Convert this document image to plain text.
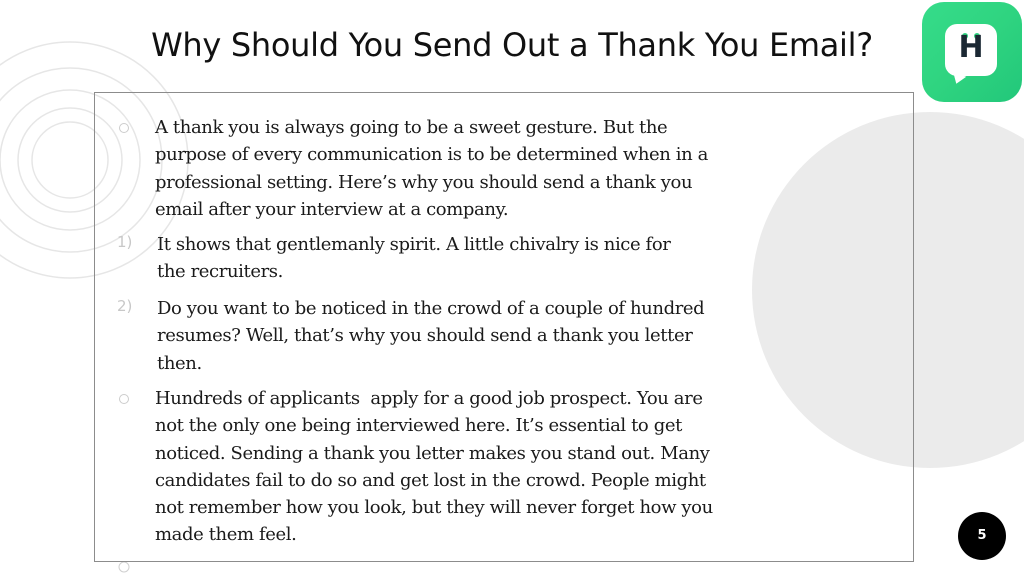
Why Should You Send Out a Thank You Email?	H
A thank you is always going to be a sweet gesture. But the
purpose of every communication is to be determined when in a
professional setting. Here’s why you should send a thank you
email after your interview at a company.
1) It shows that gentlemanly spirit. A little chivalry is nice for
the recruiters.
2) Do you want to be noticed in the crowd of a couple of hundred
resumes? Well, that’s why you should send a thank you letter
then.
Hundreds of applicants  apply for a good job prospect. You are
not the only one being interviewed here. It’s essential to get
noticed. Sending a thank you letter makes you stand out. Many
candidates fail to do so and get lost in the crowd. People might
not remember how you look, but they will never forget how you
made them feel.	5
